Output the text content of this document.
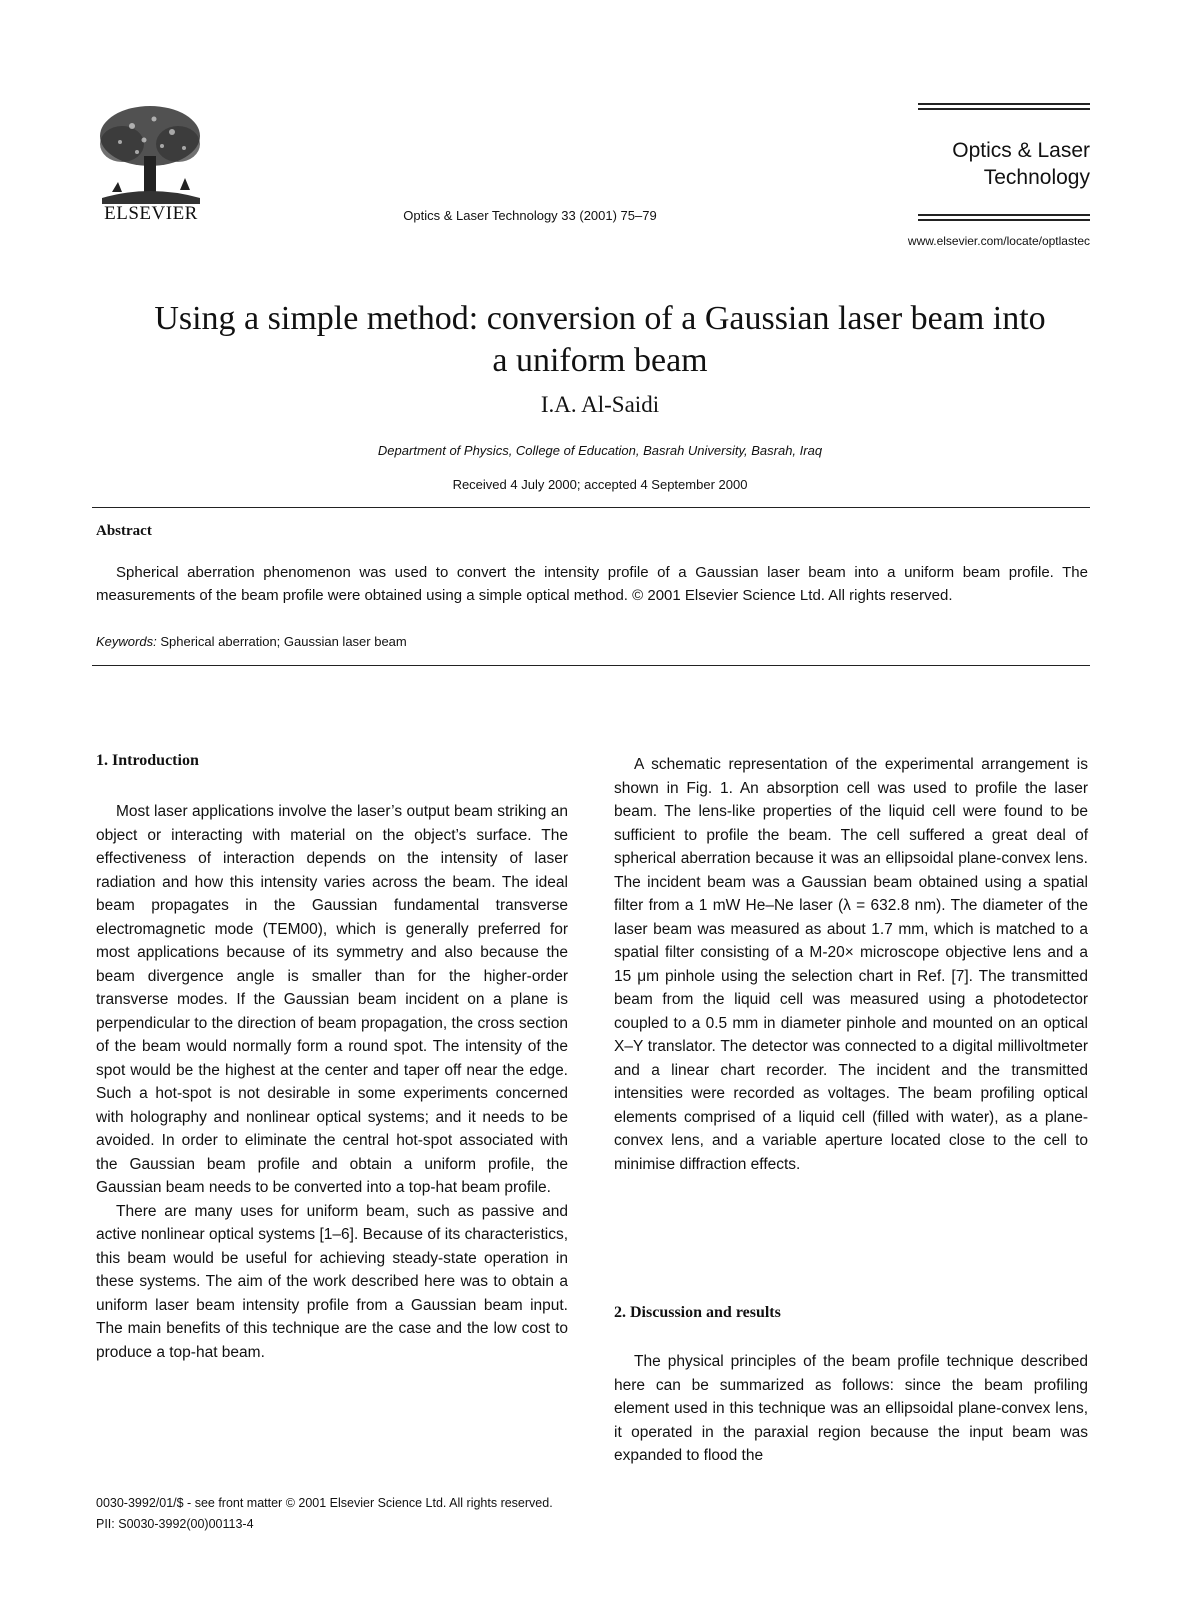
ELSEVIER	Optics & Laser Technology 33 (2001) 75–79
Optics & Laser
Technology
www.elsevier.com/locate/optlastec
Using a simple method: conversion of a Gaussian laser beam into
a uniform beam
I.A. Al-Saidi
Department of Physics, College of Education, Basrah University, Basrah, Iraq
Received 4 July 2000; accepted 4 September 2000
Abstract
Spherical aberration phenomenon was used to convert the intensity profile of a Gaussian laser beam into a uniform beam profile. The measurements of the beam profile were obtained using a simple optical method. © 2001 Elsevier Science Ltd. All rights reserved.
Keywords: Spherical aberration; Gaussian laser beam
1. Introduction

Most laser applications involve the laser’s output beam striking an object or interacting with material on the object’s surface. The effectiveness of interaction depends on the intensity of laser radiation and how this intensity varies across the beam. The ideal beam propagates in the Gaussian fundamental transverse electromagnetic mode (TEM00), which is generally preferred for most applications because of its symmetry and also because the beam divergence angle is smaller than for the higher-order transverse modes. If the Gaussian beam incident on a plane is perpendicular to the direction of beam propagation, the cross section of the beam would normally form a round spot. The intensity of the spot would be the highest at the center and taper off near the edge. Such a hot-spot is not desirable in some experiments concerned with holography and nonlinear optical systems; and it needs to be avoided. In order to eliminate the central hot-spot associated with the Gaussian beam profile and obtain a uniform profile, the Gaussian beam needs to be converted into a top-hat beam profile.

There are many uses for uniform beam, such as passive and active nonlinear optical systems [1–6]. Because of its characteristics, this beam would be useful for achieving steady-state operation in these systems. The aim of the work described here was to obtain a uniform laser beam intensity profile from a Gaussian beam input. The main benefits of this technique are the case and the low cost to produce a top-hat beam.

A schematic representation of the experimental arrangement is shown in Fig. 1. An absorption cell was used to profile the laser beam. The lens-like properties of the liquid cell were found to be sufficient to profile the beam. The cell suffered a great deal of spherical aberration because it was an ellipsoidal plane-convex lens. The incident beam was a Gaussian beam obtained using a spatial filter from a 1 mW He–Ne laser (λ = 632.8 nm). The diameter of the laser beam was measured as about 1.7 mm, which is matched to a spatial filter consisting of a M-20× microscope objective lens and a 15 μm pinhole using the selection chart in Ref. [7]. The transmitted beam from the liquid cell was measured using a photodetector coupled to a 0.5 mm in diameter pinhole and mounted on an optical X–Y translator. The detector was connected to a digital millivoltmeter and a linear chart recorder. The incident and the transmitted intensities were recorded as voltages. The beam profiling optical elements comprised of a liquid cell (filled with water), as a plane-convex lens, and a variable aperture located close to the cell to minimise diffraction effects.

2. Discussion and results

The physical principles of the beam profile technique described here can be summarized as follows: since the beam profiling element used in this technique was an ellipsoidal plane-convex lens, it operated in the paraxial region because the input beam was expanded to flood the

0030-3992/01/$ - see front matter © 2001 Elsevier Science Ltd. All rights reserved.
PII: S0030-3992(00)00113-4
